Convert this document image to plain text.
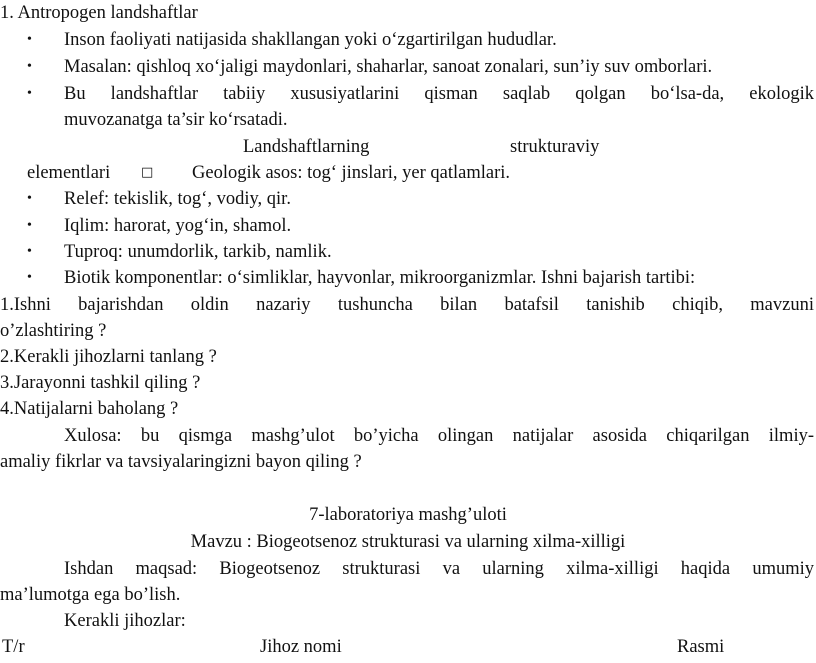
1. Antropogen landshaftlar
• Inson faoliyati natijasida shakllangan yoki o‘zgartirilgan hududlar.
• Masalan: qishloq xo‘jaligi maydonlari, shaharlar, sanoat zonalari, sun’iy suv omborlari.
• Bu landshaftlar tabiiy xususiyatlarini qisman saqlab qolgan bo‘lsa-da, ekologik
muvozanatga ta’sir ko‘rsatadi.
Landshaftlarning	strukturaviy
elementlari □ Geologik asos: tog‘ jinslari, yer qatlamlari.
• Relef: tekislik, tog‘, vodiy, qir.
• Iqlim: harorat, yog‘in, shamol.
• Tuproq: unumdorlik, tarkib, namlik.
• Biotik komponentlar: o‘simliklar, hayvonlar, mikroorganizmlar. Ishni bajarish tartibi:
1.Ishni bajarishdan oldin nazariy tushuncha bilan batafsil tanishib chiqib, mavzuni
o’zlashtiring ?
2.Kerakli jihozlarni tanlang ?
3.Jarayonni tashkil qiling ?
4.Natijalarni baholang ?
Xulosa: bu qismga mashg’ulot bo’yicha olingan natijalar asosida chiqarilgan ilmiy-
amaliy fikrlar va tavsiyalaringizni bayon qiling ?
7-laboratoriya mashg’uloti
Mavzu : Biogeotsenoz strukturasi va ularning xilma-xilligi
Ishdan maqsad: Biogeotsenoz strukturasi va ularning xilma-xilligi haqida umumiy
ma’lumotga ega bo’lish.
Kerakli jihozlar:
T/r	Jihoz nomi	Rasmi
